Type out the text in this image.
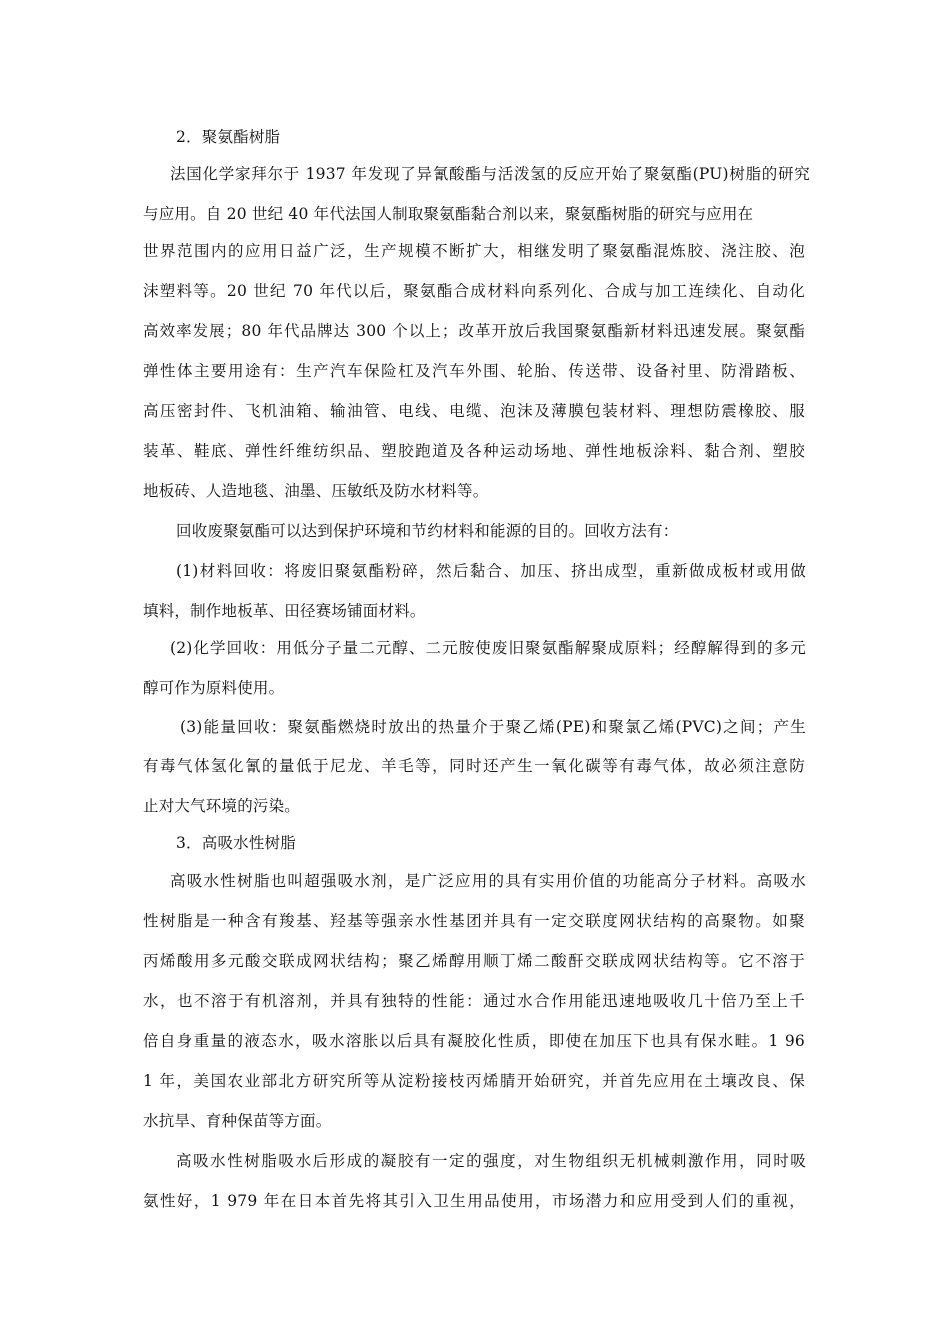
2．聚氨酯树脂
法国化学家拜尔于 1937 年发现了异氰酸酯与活泼氢的反应开始了聚氨酯(PU)树脂的研究
与应用。自 20 世纪 40 年代法国人制取聚氨酯黏合剂以来，聚氨酯树脂的研究与应用在
世界范围内的应用日益广泛，生产规模不断扩大，相继发明了聚氨酯混炼胶、浇注胶、泡
沫塑料等。20 世纪 70 年代以后，聚氨酯合成材料向系列化、合成与加工连续化、自动化
高效率发展；80 年代品牌达 300 个以上；改革开放后我国聚氨酯新材料迅速发展。聚氨酯
弹性体主要用途有：生产汽车保险杠及汽车外围、轮胎、传送带、设备衬里、防滑踏板、
高压密封件、飞机油箱、输油管、电线、电缆、泡沫及薄膜包装材料、理想防震橡胶、服
装革、鞋底、弹性纤维纺织品、塑胶跑道及各种运动场地、弹性地板涂料、黏合剂、塑胶
地板砖、人造地毯、油墨、压敏纸及防水材料等。
回收废聚氨酯可以达到保护环境和节约材料和能源的目的。回收方法有：
(1)材料回收：将废旧聚氨酯粉碎，然后黏合、加压、挤出成型，重新做成板材或用做
填料，制作地板革、田径赛场铺面材料。
(2)化学回收：用低分子量二元醇、二元胺使废旧聚氨酯解聚成原料；经醇解得到的多元
醇可作为原料使用。
(3)能量回收：聚氨酯燃烧时放出的热量介于聚乙烯(PE)和聚氯乙烯(PVC)之间；产生
有毒气体氢化氰的量低于尼龙、羊毛等，同时还产生一氧化碳等有毒气体，故必须注意防
止对大气环境的污染。
3．高吸水性树脂
高吸水性树脂也叫超强吸水剂，是广泛应用的具有实用价值的功能高分子材料。高吸水
性树脂是一种含有羧基、羟基等强亲水性基团并具有一定交联度网状结构的高聚物。如聚
丙烯酸用多元酸交联成网状结构；聚乙烯醇用顺丁烯二酸酐交联成网状结构等。它不溶于
水，也不溶于有机溶剂，并具有独特的性能：通过水合作用能迅速地吸收几十倍乃至上千
倍自身重量的液态水，吸水溶胀以后具有凝胶化性质，即使在加压下也具有保水畦。1 96
1 年，美国农业部北方研究所等从淀粉接枝丙烯腈开始研究，并首先应用在土壤改良、保
水抗旱、育种保苗等方面。
高吸水性树脂吸水后形成的凝胶有一定的强度，对生物组织无机械刺激作用，同时吸
氨性好，1 979 年在日本首先将其引入卫生用品使用，市场潜力和应用受到人们的重视，
